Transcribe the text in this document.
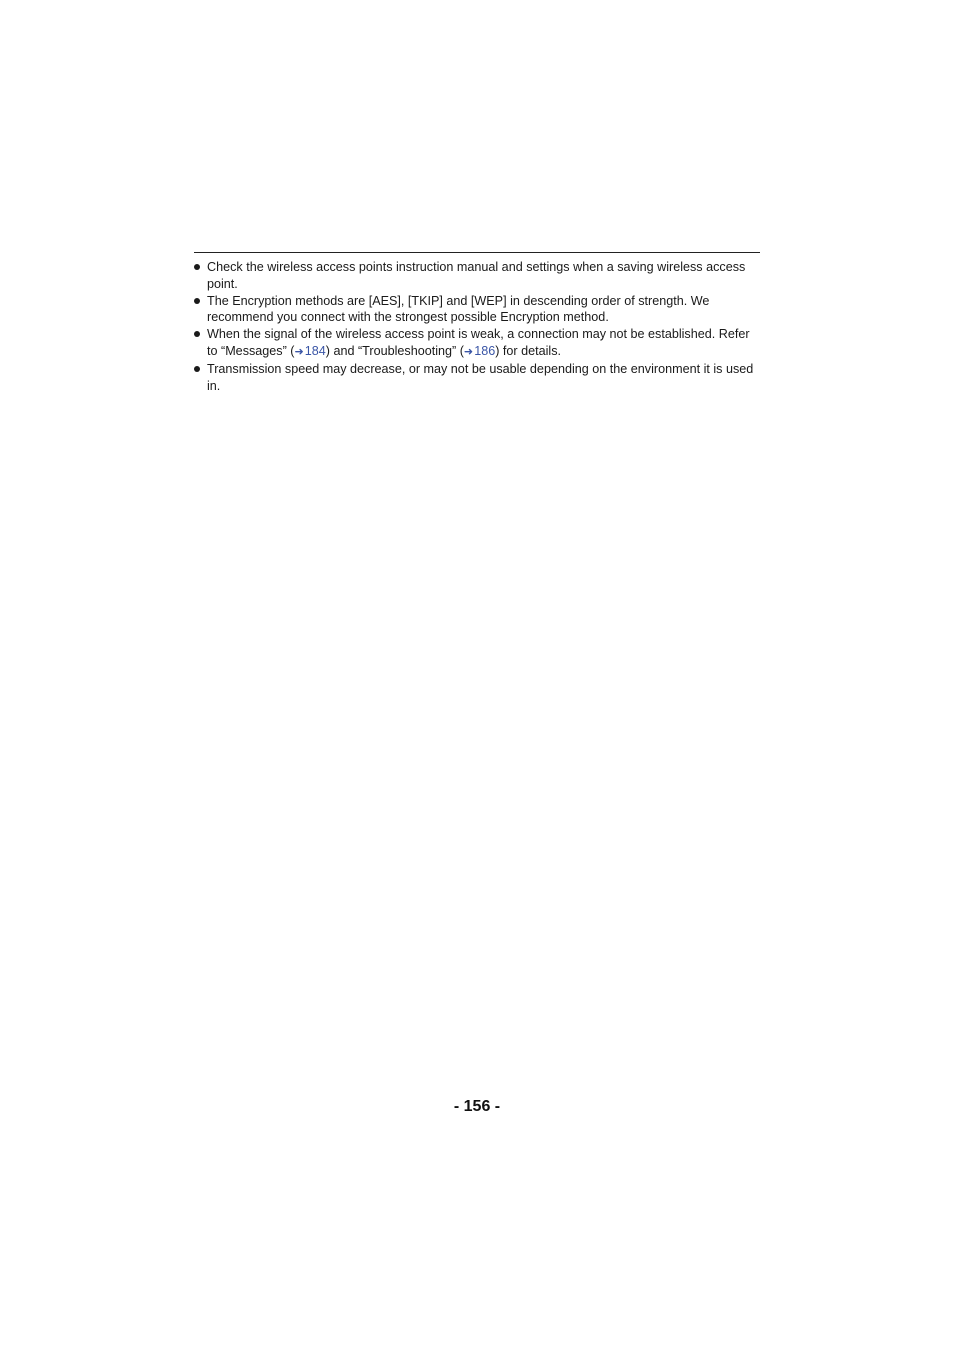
Check the wireless access points instruction manual and settings when a saving wireless access point.
The Encryption methods are [AES], [TKIP] and [WEP] in descending order of strength. We recommend you connect with the strongest possible Encryption method.
When the signal of the wireless access point is weak, a connection may not be established. Refer to “Messages” (➜ 184) and “Troubleshooting” (➜ 186) for details.
Transmission speed may decrease, or may not be usable depending on the environment it is used in.
- 156 -
